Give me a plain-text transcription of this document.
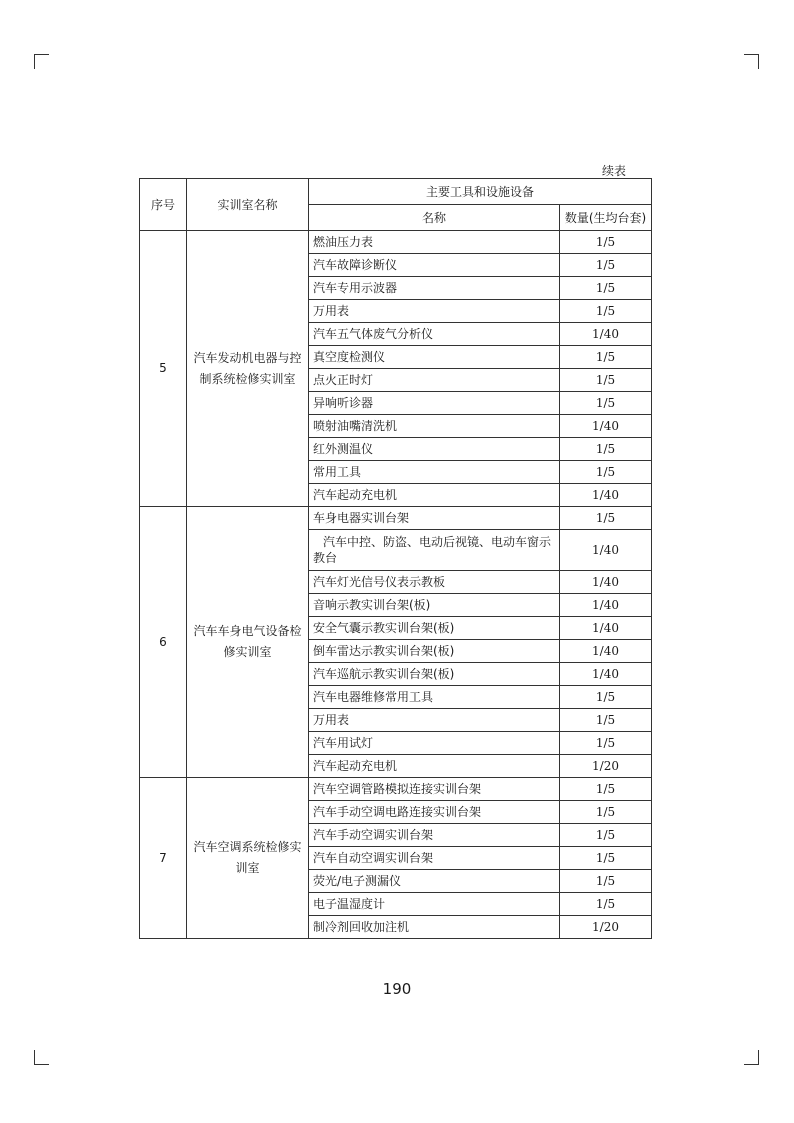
续表
序号	实训室名称	主要工具和设施设备	
		名称	数量(生均台套)
5	汽车发动机电器与控制系统检修实训室	燃油压力表	1/5
		汽车故障诊断仪	1/5
		汽车专用示波器	1/5
		万用表	1/5
		汽车五气体废气分析仪	1/40
		真空度检测仪	1/5
		点火正时灯	1/5
		异响听诊器	1/5
		喷射油嘴清洗机	1/40
		红外测温仪	1/5
		常用工具	1/5
		汽车起动充电机	1/40
6	汽车车身电气设备检修实训室	车身电器实训台架	1/5
		汽车中控、防盗、电动后视镜、电动车窗示教台	1/40
		汽车灯光信号仪表示教板	1/40
		音响示教实训台架(板)	1/40
		安全气囊示教实训台架(板)	1/40
		倒车雷达示教实训台架(板)	1/40
		汽车巡航示教实训台架(板)	1/40
		汽车电器维修常用工具	1/5
		万用表	1/5
		汽车用试灯	1/5
		汽车起动充电机	1/20
7	汽车空调系统检修实训室	汽车空调管路模拟连接实训台架	1/5
		汽车手动空调电路连接实训台架	1/5
		汽车手动空调实训台架	1/5
		汽车自动空调实训台架	1/5
		荧光/电子测漏仪	1/5
		电子温湿度计	1/5
		制冷剂回收加注机	1/20
190
